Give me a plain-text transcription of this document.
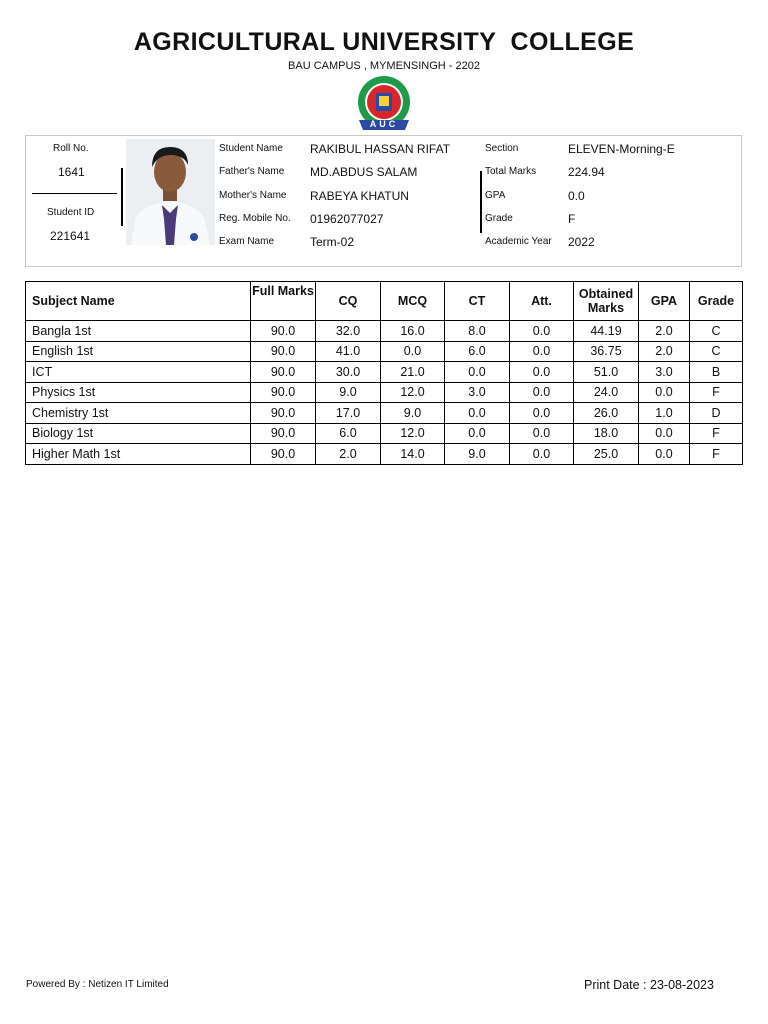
AGRICULTURAL UNIVERSITY  COLLEGE
BAU CAMPUS , MYMENSINGH - 2202
AUC
Roll No.
1641
Student ID
221641
Student Name RAKIBUL HASSAN RIFAT
Father's Name MD.ABDUS SALAM
Mother's Name RABEYA KHATUN
Reg. Mobile No. 01962077027
Exam Name	Term-02
Section	ELEVEN-Morning-E
Total Marks	224.94
GPA	0.0
Grade	F
Academic Year 2022
Subject Name	Full Marks	CQ	MCQ	CT	Att.	Obtained Marks	GPA	Grade
Bangla 1st	90.0	32.0	16.0	8.0	0.0	44.19	2.0	C
English 1st	90.0	41.0	0.0	6.0	0.0	36.75	2.0	C
ICT	90.0	30.0	21.0	0.0	0.0	51.0	3.0	B
Physics 1st	90.0	9.0	12.0	3.0	0.0	24.0	0.0	F
Chemistry 1st	90.0	17.0	9.0	0.0	0.0	26.0	1.0	D
Biology 1st	90.0	6.0	12.0	0.0	0.0	18.0	0.0	F
Higher Math 1st	90.0	2.0	14.0	9.0	0.0	25.0	0.0	F
Powered By : Netizen IT Limited	Print Date : 23-08-2023
